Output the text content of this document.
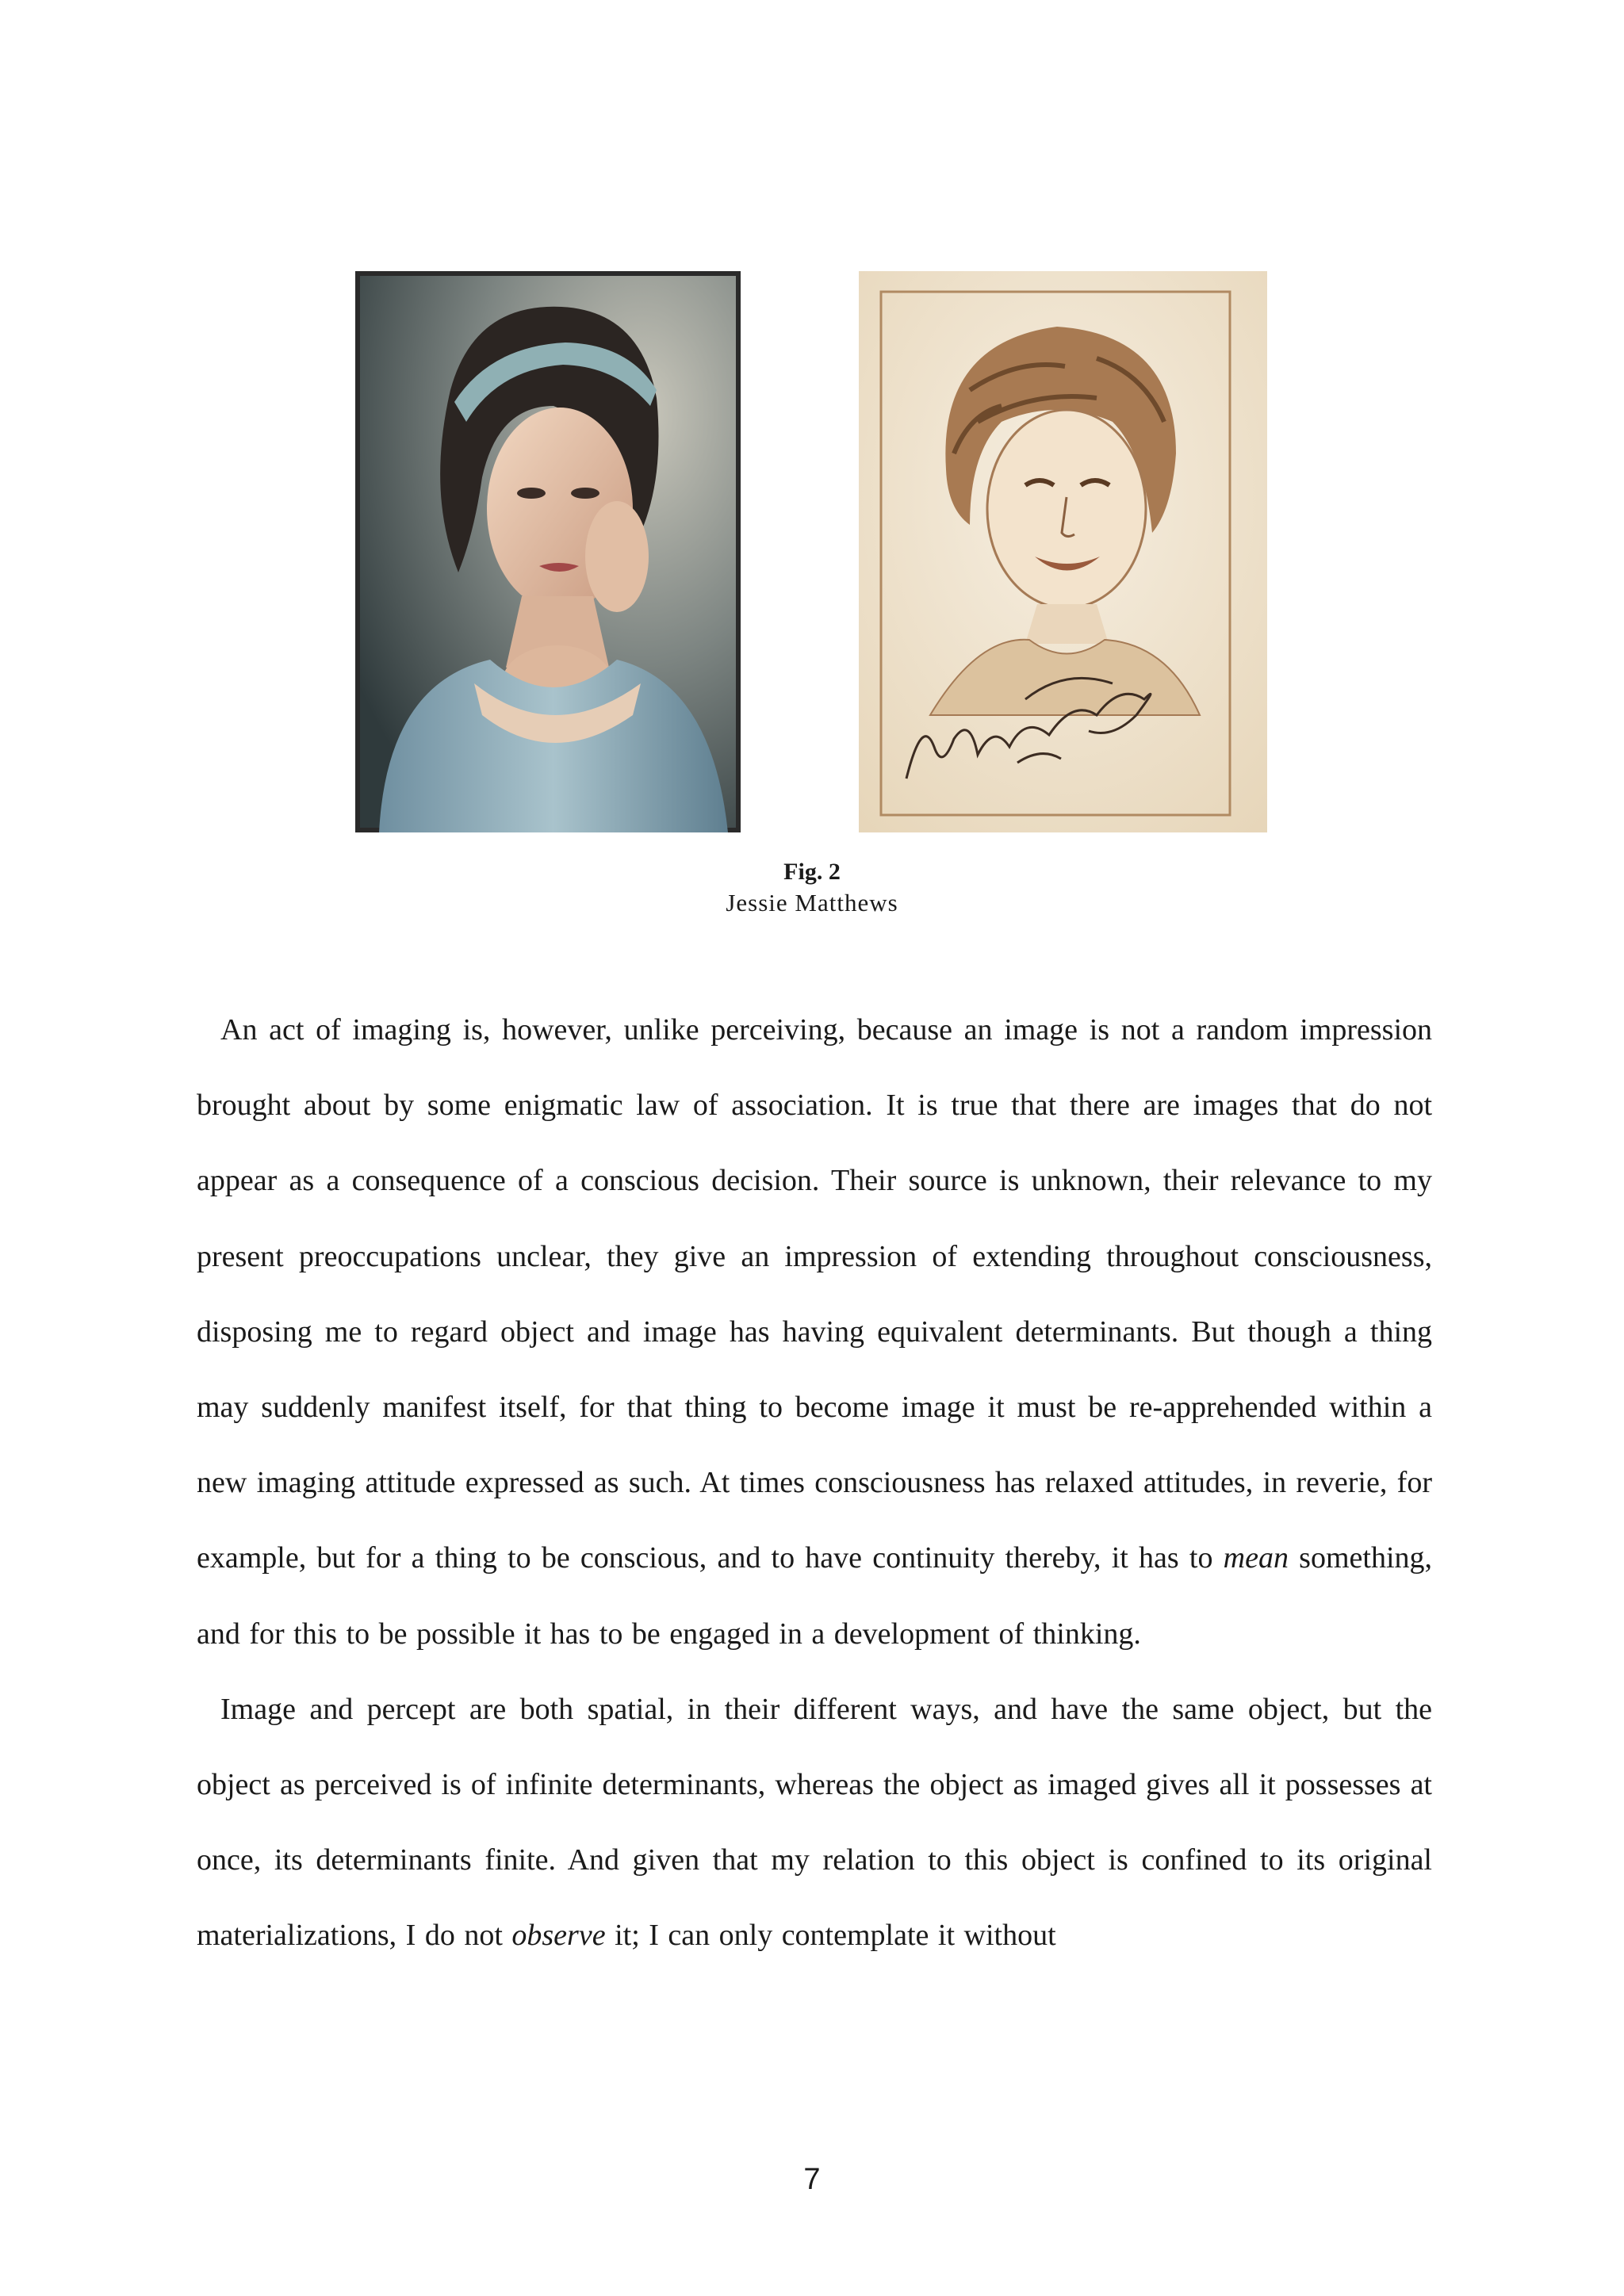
Fig. 2
Jessie Matthews

An act of imaging is, however, unlike perceiving, because an image is not a random impression brought about by some enigmatic law of association. It is true that there are images that do not appear as a consequence of a conscious decision. Their source is unknown, their relevance to my present preoccupations unclear, they give an impression of extending throughout consciousness, disposing me to regard object and image has having equivalent determinants. But though a thing may suddenly manifest itself, for that thing to become image it must be re-apprehended within a new imaging attitude expressed as such. At times consciousness has relaxed attitudes, in reverie, for example, but for a thing to be conscious, and to have continuity thereby, it has to mean something, and for this to be possible it has to be engaged in a development of thinking.

Image and percept are both spatial, in their different ways, and have the same object, but the object as perceived is of infinite determinants, whereas the object as imaged gives all it possesses at once, its determinants finite. And given that my relation to this object is confined to its original materializations, I do not observe it; I can only contemplate it without

7
